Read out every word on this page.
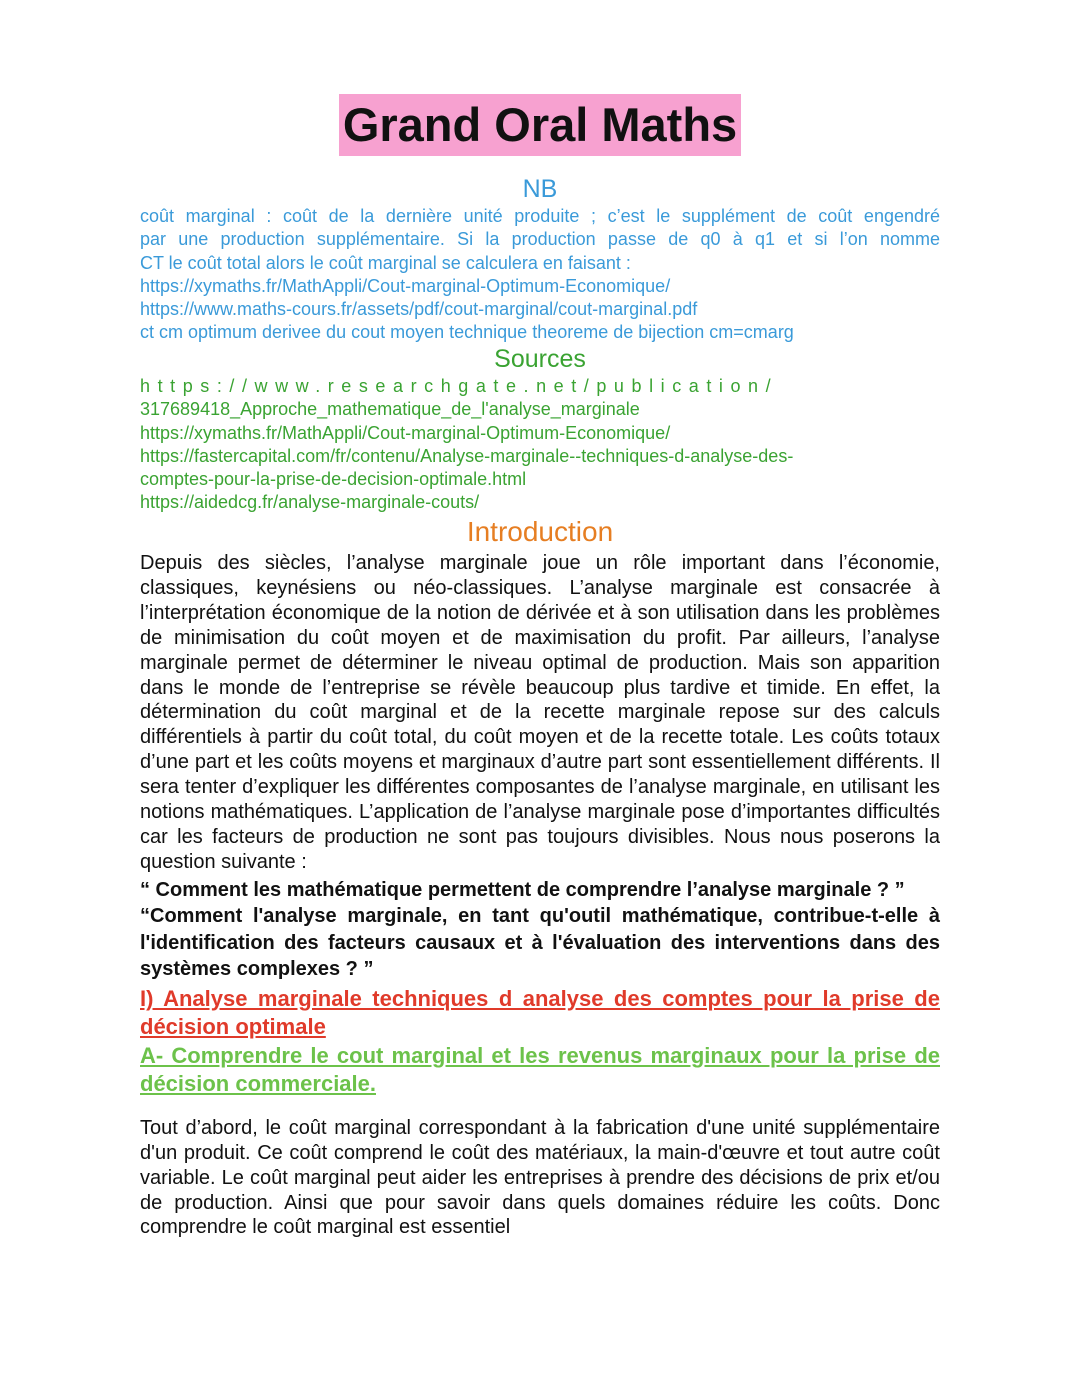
Grand Oral Maths
NB
coût marginal : coût de la dernière unité produite ; c’est le supplément de coût engendré
par une production supplémentaire. Si la production passe de q0 à q1 et si l’on nomme
CT le coût total alors le coût marginal se calculera en faisant :
https://xymaths.fr/MathAppli/Cout-marginal-Optimum-Economique/
https://www.maths-cours.fr/assets/pdf/cout-marginal/cout-marginal.pdf
ct cm optimum derivee du cout moyen technique theoreme de bijection cm=cmarg
Sources
https://www.researchgate.net/publication/
317689418_Approche_mathematique_de_l'analyse_marginale
https://xymaths.fr/MathAppli/Cout-marginal-Optimum-Economique/
https://fastercapital.com/fr/contenu/Analyse-marginale--techniques-d-analyse-des-
comptes-pour-la-prise-de-decision-optimale.html
https://aidedcg.fr/analyse-marginale-couts/
Introduction

Depuis des siècles, l’analyse marginale joue un rôle important dans l’économie, classiques, keynésiens ou néo-classiques. L’analyse marginale est consacrée à l’interprétation économique de la notion de dérivée et à son utilisation dans les problèmes de minimisation du coût moyen et de maximisation du profit. Par ailleurs, l’analyse marginale permet de déterminer le niveau optimal de production. Mais son apparition dans le monde de l’entreprise se révèle beaucoup plus tardive et timide. En effet, la détermination du coût marginal et de la recette marginale repose sur des calculs différentiels à partir du coût total, du coût moyen et de la recette totale. Les coûts totaux d’une part et les coûts moyens et marginaux d’autre part sont essentiellement différents. Il sera tenter d’expliquer les différentes composantes de l’analyse marginale, en utilisant les notions mathématiques. L’application de l’analyse marginale pose d’importantes difficultés car les facteurs de production ne sont pas toujours divisibles. Nous nous poserons la question suivante :

“ Comment les mathématique permettent de comprendre l’analyse marginale ? ”

“Comment l'analyse marginale, en tant qu'outil mathématique, contribue-t-elle à l'identification des facteurs causaux et à l'évaluation des interventions dans des systèmes complexes ? ”

I) Analyse marginale techniques d analyse des comptes pour la prise de décision optimale

A- Comprendre le cout marginal et les revenus marginaux pour la prise de décision commerciale.

Tout d’abord, le coût marginal correspondant à la fabrication d'une unité supplémentaire d'un produit. Ce coût comprend le coût des matériaux, la main-d'œuvre et tout autre coût variable. Le coût marginal peut aider les entreprises à prendre des décisions de prix et/ou de production. Ainsi que pour savoir dans quels domaines réduire les coûts. Donc comprendre le coût marginal est essentiel
